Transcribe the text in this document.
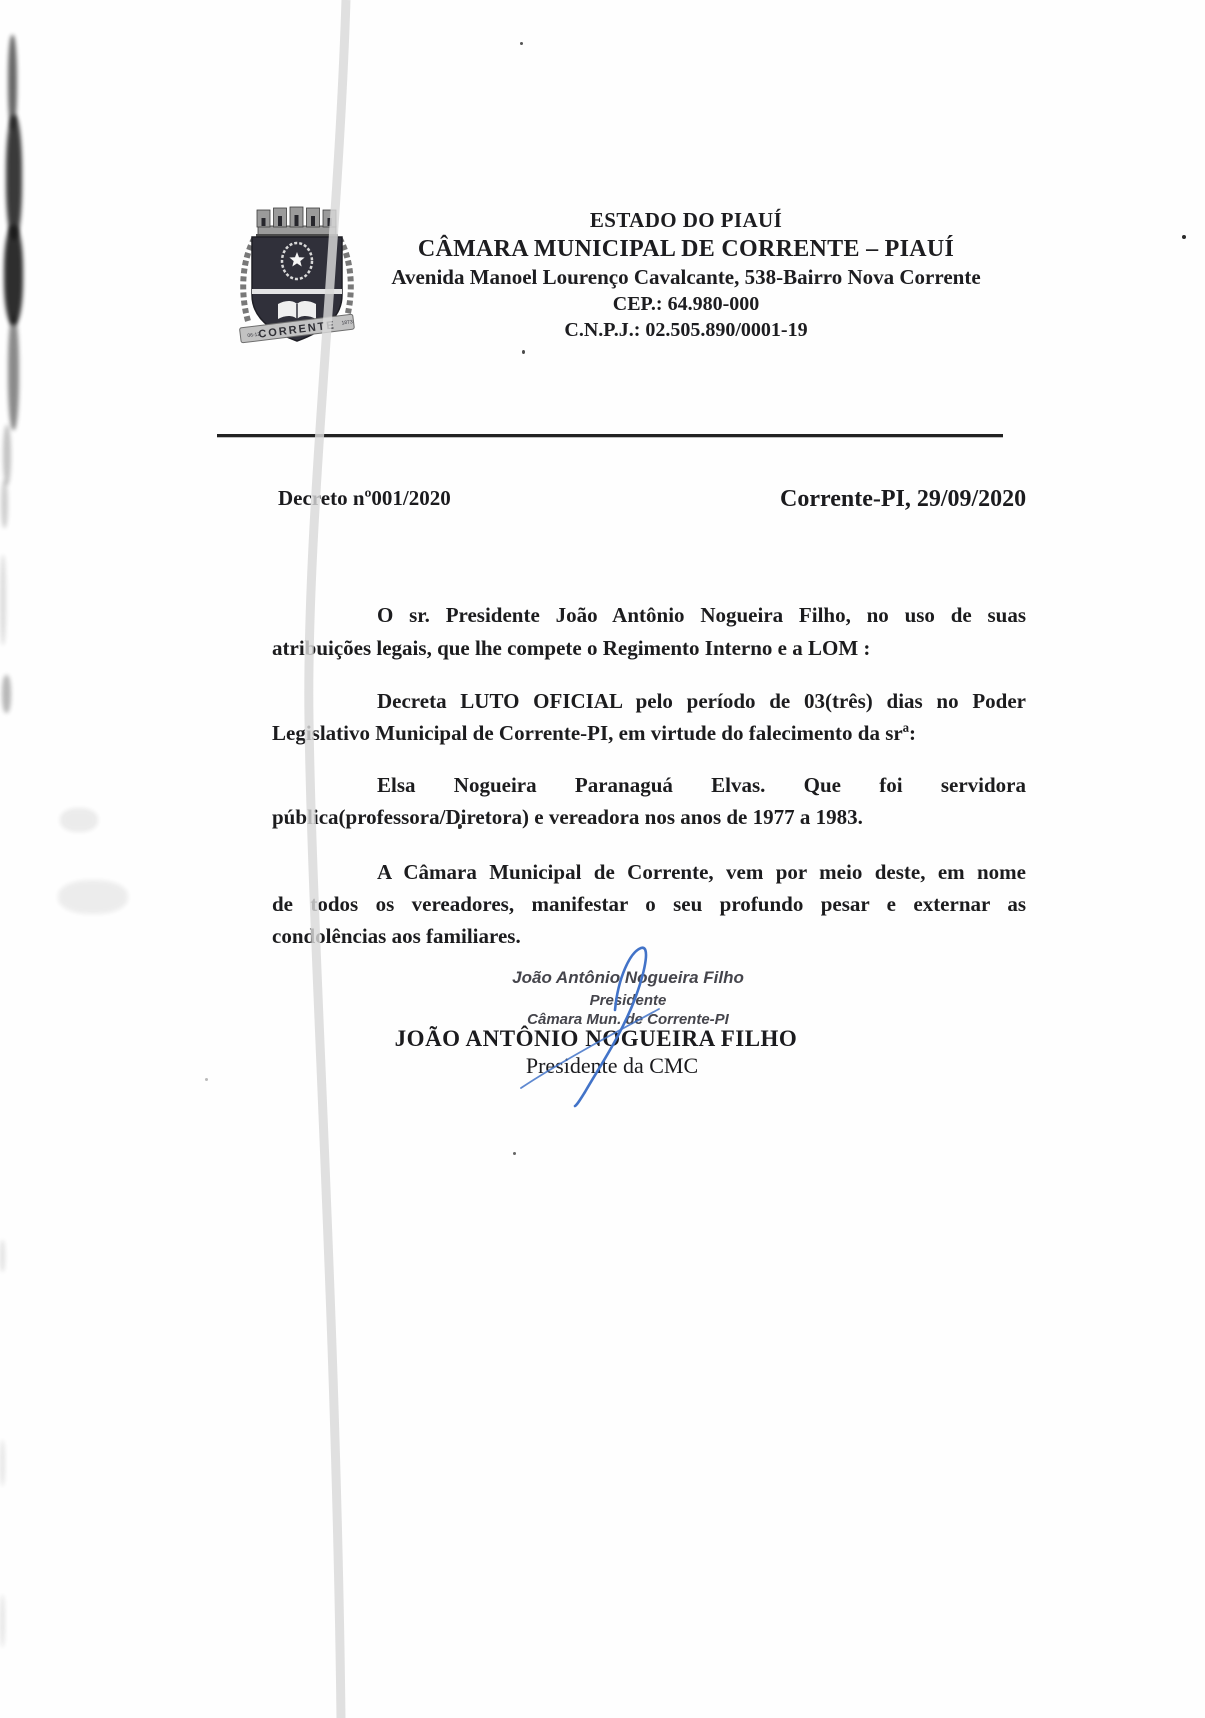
CORRENTE
06-12
1873
ESTADO DO PIAUÍ
CÂMARA MUNICIPAL DE CORRENTE – PIAUÍ
Avenida Manoel Lourenço Cavalcante, 538-Bairro Nova Corrente
CEP.: 64.980-000
C.N.P.J.: 02.505.890/0001-19
Decreto nº001/2020	Corrente-PI, 29/09/2020
O sr. Presidente João Antônio Nogueira Filho, no uso de suas
atribuições legais, que lhe compete o Regimento Interno e a LOM :
Decreta LUTO OFICIAL pelo período de 03(três) dias no Poder
Legislativo Municipal de Corrente-PI, em virtude do falecimento da srª:
Elsa Nogueira Paranaguá Elvas. Que foi servidora
pública(professora/Diretora) e vereadora nos anos de 1977 a 1983.
A Câmara Municipal de Corrente, vem por meio deste, em nome
de todos os vereadores, manifestar o seu profundo pesar e externar as
condolências aos familiares.
João Antônio Nogueira Filho
Presidente
Câmara Mun. de Corrente-PI
JOÃO ANTÔNIO NOGUEIRA FILHO
Presidente da CMC
